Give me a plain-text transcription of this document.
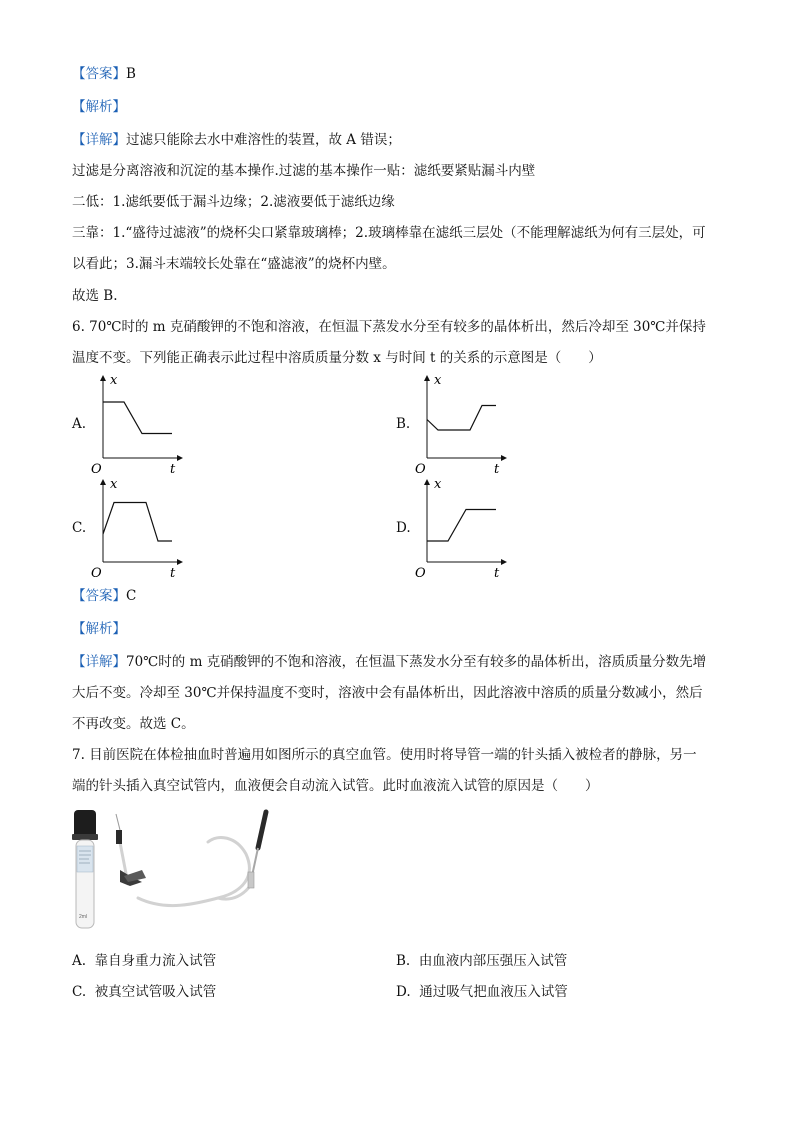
【答案】B
【解析】
【详解】过滤只能除去水中难溶性的装置，故 A 错误；
过滤是分离溶液和沉淀的基本操作.过滤的基本操作一贴：滤纸要紧贴漏斗内壁
二低：1.滤纸要低于漏斗边缘；2.滤液要低于滤纸边缘
三靠：1.“盛待过滤液”的烧杯尖口紧靠玻璃棒；2.玻璃棒靠在滤纸三层处（不能理解滤纸为何有三层处，可
以看此；3.漏斗末端较长处靠在“盛滤液”的烧杯内壁。
故选 B.
6. 70℃时的 m 克硝酸钾的不饱和溶液，在恒温下蒸发水分至有较多的晶体析出，然后冷却至 30℃并保持
温度不变。下列能正确表示此过程中溶质质量分数 x 与时间 t 的关系的示意图是（　　）
A.
x
t
O
B.
x
t
O
C.
x
t
O
D.
x
t
O
【答案】C
【解析】
【详解】70℃时的 m 克硝酸钾的不饱和溶液，在恒温下蒸发水分至有较多的晶体析出，溶质质量分数先增
大后不变。冷却至 30℃并保持温度不变时，溶液中会有晶体析出，因此溶液中溶质的质量分数减小，然后
不再改变。故选 C。
7. 目前医院在体检抽血时普遍用如图所示的真空血管。使用时将导管一端的针头插入被检者的静脉，另一
端的针头插入真空试管内，血液便会自动流入试管。此时血液流入试管的原因是（　　）
2ml
A. 靠自身重力流入试管	B. 由血液内部压强压入试管
C. 被真空试管吸入试管	D. 通过吸气把血液压入试管
